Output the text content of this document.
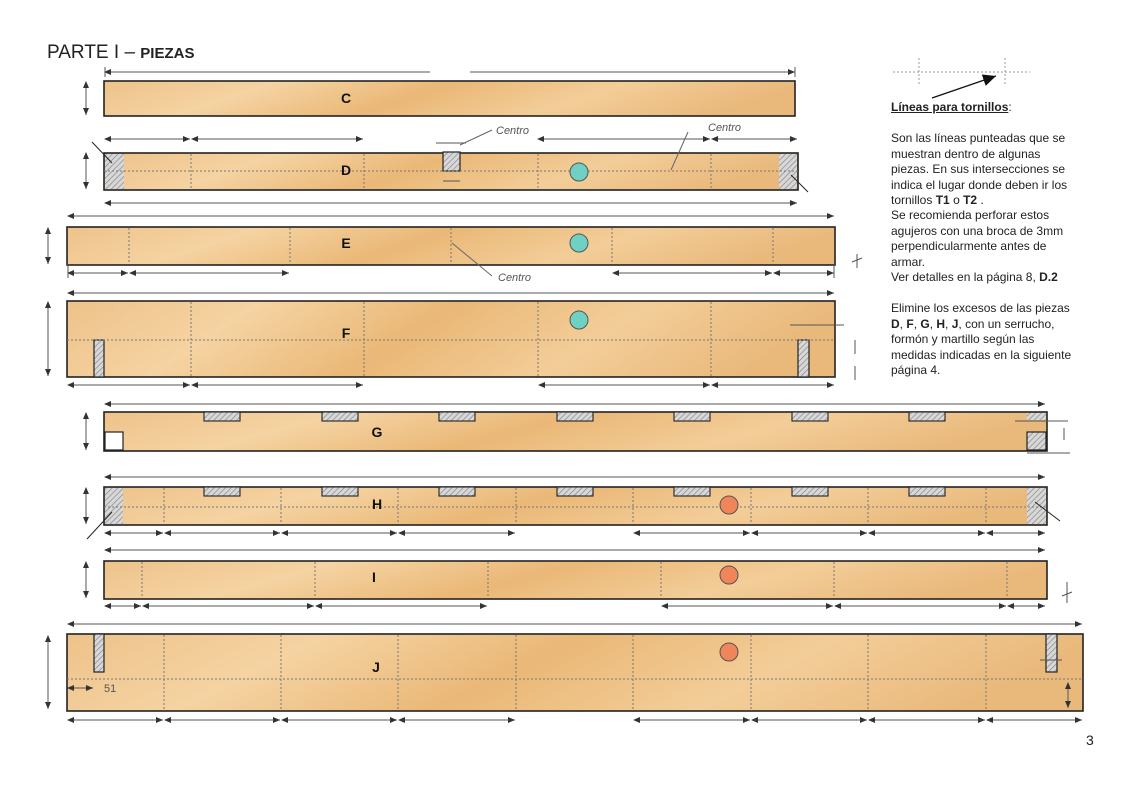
PARTE I – PIEZAS
C
Centro	Centro
D
Centro
E
F
G
H
I
51
J

Líneas para tornillos:

Son las líneas punteadas que se muestran dentro de algunas piezas. En sus intersecciones se indica el lugar donde deben ir los tornillos T1 o T2 .

Se recomienda perforar estos agujeros con una broca de 3mm perpendicularmente antes de armar.

Ver detalles en la página 8, D.2

Elimine los excesos de las piezas D, F, G, H, J, con un serrucho, formón y martillo según las medidas indicadas en la siguiente página 4.

3
